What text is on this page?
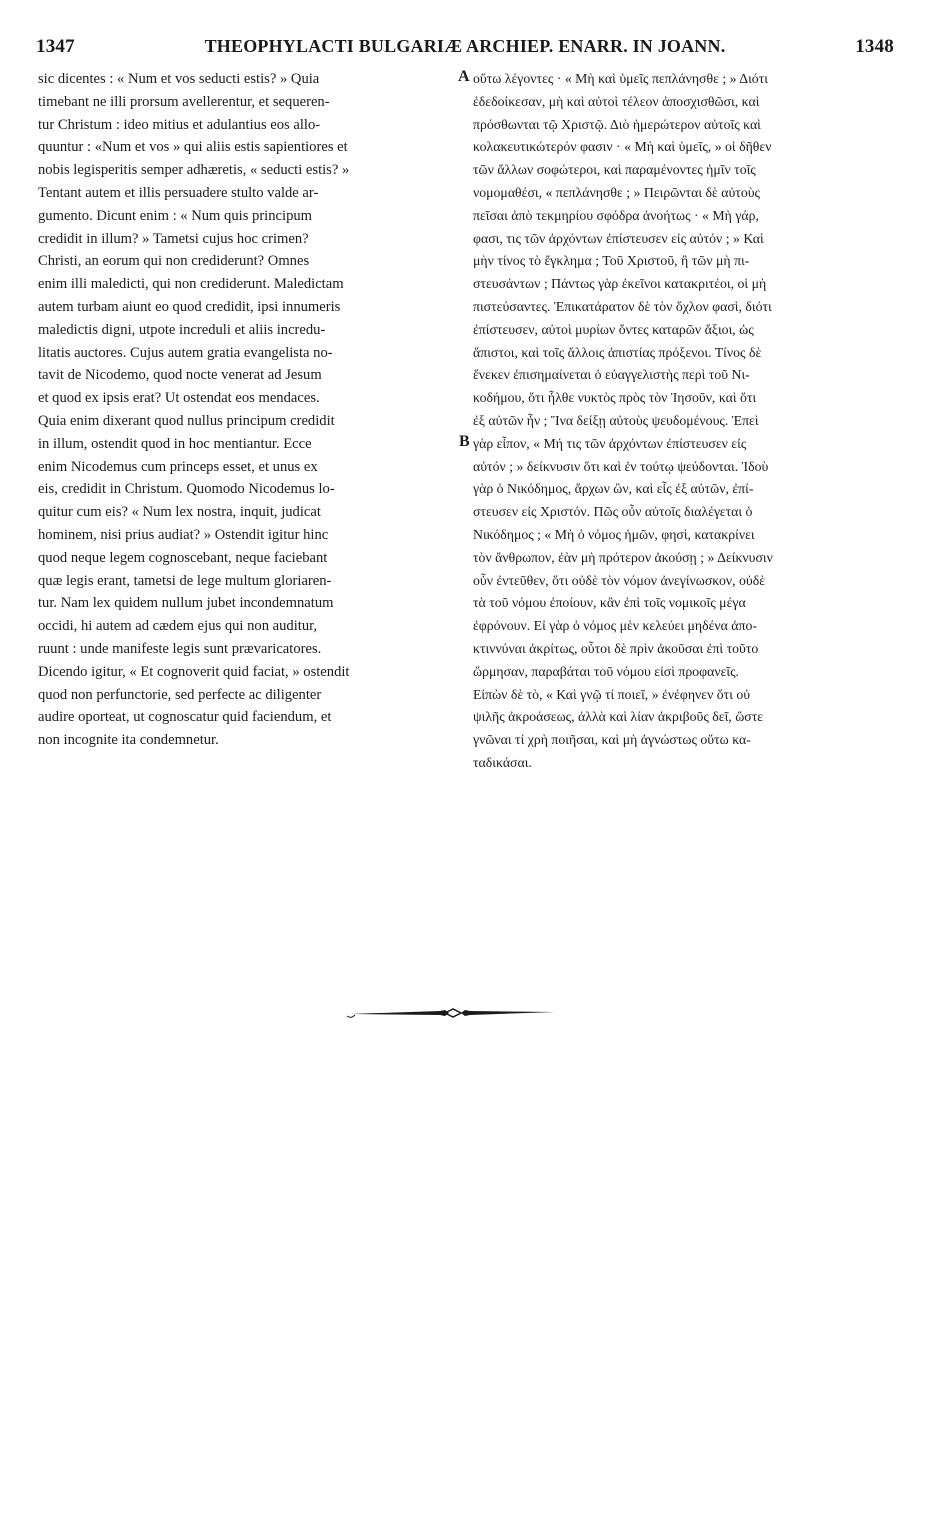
1347	THEOPHYLACTI BULGARIÆ ARCHIEP. ENARR. IN JOANN.	1348
sic dicentes : « Num et vos seducti estis? » Quia
timebant ne illi prorsum avellerentur, et sequeren-
tur Christum : ideo mitius et adulantius eos allo-
quuntur : «Num et vos » qui aliis estis sapientiores et
nobis legisperitis semper adhæretis, « seducti estis? »
Tentant autem et illis persuadere stulto valde ar-
gumento. Dicunt enim : « Num quis principum
credidit in illum? » Tametsi cujus hoc crimen?
Christi, an eorum qui non crediderunt? Omnes
enim illi maledicti, qui non crediderunt. Maledictam
autem turbam aiunt eo quod credidit, ipsi innumeris
maledictis digni, utpote increduli et aliis incredu-
litatis auctores. Cujus autem gratia evangelista no-
tavit de Nicodemo, quod nocte venerat ad Jesum
et quod ex ipsis erat? Ut ostendat eos mendaces.
Quia enim dixerant quod nullus principum credidit
in illum, ostendit quod in hoc mentiantur. Ecce
enim Nicodemus cum princeps esset, et unus ex
eis, credidit in Christum. Quomodo Nicodemus lo-
quitur cum eis? « Num lex nostra, inquit, judicat
hominem, nisi prius audiat? » Ostendit igitur hinc
quod neque legem cognoscebant, neque faciebant
quæ legis erant, tametsi de lege multum gloriaren-
tur. Nam lex quidem nullum jubet incondemnatum
occidi, hi autem ad cædem ejus qui non auditur,
ruunt : unde manifeste legis sunt prævaricatores.
Dicendo igitur, « Et cognoverit quid faciat, » ostendit
quod non perfunctorie, sed perfecte ac diligenter
audire oporteat, ut cognoscatur quid faciendum, et
non incognite ita condemnetur.
οὕτω λέγοντες · « Μὴ καὶ ὑμεῖς πεπλάνησθε ; » Διότι
ἐδεδοίκεσαν, μὴ καὶ αὐτοὶ τέλεον ἀποσχισθῶσι, καὶ
πρόσθωνται τῷ Χριστῷ. Διὸ ἡμερώτερον αὐτοῖς καὶ
κολακευτικώτερόν φασιν · « Μὴ καὶ ὑμεῖς, » οἱ δῆθεν
τῶν ἄλλων σοφώτεροι, καὶ παραμένοντες ἡμῖν τοῖς
νομομαθέσι, « πεπλάνησθε ; » Πειρῶνται δὲ αὐτοὺς
πεῖσαι ἀπὸ τεκμηρίου σφόδρα ἀνοήτως · « Μὴ γάρ,
φασι, τις τῶν ἀρχόντων ἐπίστευσεν εἰς αὐτόν ; » Καὶ
μὴν τίνος τὸ ἔγκλημα ; Τοῦ Χριστοῦ, ἢ τῶν μὴ πι-
στευσάντων ; Πάντως γὰρ ἐκεῖνοι κατακριτέοι, οἱ μὴ
πιστεύσαντες. Ἐπικατάρατον δὲ τὸν ὄχλον φασὶ, διότι
ἐπίστευσεν, αὐτοὶ μυρίων ὄντες καταρῶν ἄξιοι, ὡς
ἄπιστοι, καὶ τοῖς ἄλλοις ἀπιστίας πρόξενοι. Τίνος δὲ
ἕνεκεν ἐπισημαίνεται ὁ εὐαγγελιστὴς περὶ τοῦ Νι-
κοδήμου, ὅτι ἦλθε νυκτὸς πρὸς τὸν Ἰησοῦν, καὶ ὅτι
ἐξ αὐτῶν ἦν ; Ἵνα δείξῃ αὐτοὺς ψευδομένους. Ἐπεὶ
γὰρ εἶπον, « Μή τις τῶν ἀρχόντων ἐπίστευσεν εἰς
αὐτόν ; » δείκνυσιν ὅτι καὶ ἐν τούτῳ ψεύδονται. Ἰδοὺ
γὰρ ὁ Νικόδημος, ἄρχων ὢν, καὶ εἷς ἐξ αὐτῶν, ἐπί-
στευσεν εἰς Χριστόν. Πῶς οὖν αὐτοῖς διαλέγεται ὁ
Νικόδημος ; « Μὴ ὁ νόμος ἡμῶν, φησὶ, κατακρίνει
τὸν ἄνθρωπον, ἐὰν μὴ πρότερον ἀκούσῃ ; » Δείκνυσιν
οὖν ἐντεῦθεν, ὅτι οὐδὲ τὸν νόμον ἀνεγίνωσκον, οὐδὲ
τὰ τοῦ νόμου ἐποίουν, κἂν ἐπὶ τοῖς νομικοῖς μέγα
ἐφρόνουν. Εἰ γὰρ ὁ νόμος μὲν κελεύει μηδένα ἀπο-
κτιννύναι ἀκρίτως, οὗτοι δὲ πρὶν ἀκοῦσαι ἐπὶ τοῦτο
ὥρμησαν, παραβάται τοῦ νόμου εἰσὶ προφανεῖς.
Εἰπὼν δὲ τὸ, « Καὶ γνῷ τί ποιεῖ, » ἐνέφηνεν ὅτι οὐ
ψιλῆς ἀκροάσεως, ἀλλὰ καὶ λίαν ἀκριβοῦς δεῖ, ὥστε
γνῶναι τί χρὴ ποιῆσαι, καὶ μὴ ἀγνώστως οὕτω κα-
ταδικάσαι.
A
B
